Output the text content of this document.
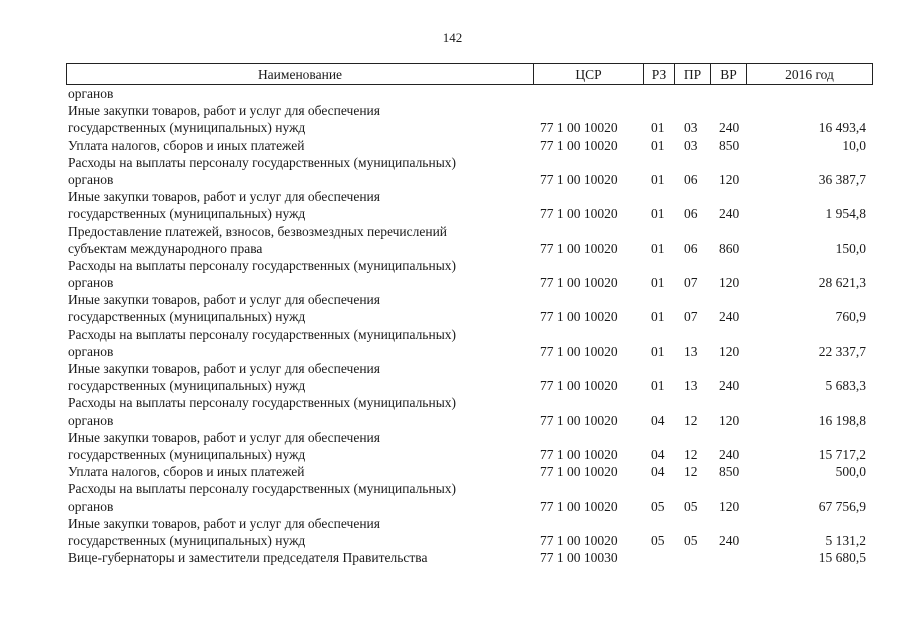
142
Наименование	ЦСР	РЗ	ПР	ВР	2016 год
органов
Иные закупки товаров, работ и услуг для обеспечения
государственных (муниципальных) нужд	77 1 00 10020 01 03 240	16 493,4
Уплата налогов, сборов и иных платежей	77 1 00 10020 01 03 850	10,0
Расходы на выплаты персоналу государственных (муниципальных)
органов	77 1 00 10020 01 06 120	36 387,7
Иные закупки товаров, работ и услуг для обеспечения
государственных (муниципальных) нужд	77 1 00 10020 01 06 240	1 954,8
Предоставление платежей, взносов, безвозмездных перечислений
субъектам международного права	77 1 00 10020 01 06 860	150,0
Расходы на выплаты персоналу государственных (муниципальных)
органов	77 1 00 10020 01 07 120	28 621,3
Иные закупки товаров, работ и услуг для обеспечения
государственных (муниципальных) нужд	77 1 00 10020 01 07 240	760,9
Расходы на выплаты персоналу государственных (муниципальных)
органов	77 1 00 10020 01 13 120	22 337,7
Иные закупки товаров, работ и услуг для обеспечения
государственных (муниципальных) нужд	77 1 00 10020 01 13 240	5 683,3
Расходы на выплаты персоналу государственных (муниципальных)
органов	77 1 00 10020 04 12 120	16 198,8
Иные закупки товаров, работ и услуг для обеспечения
государственных (муниципальных) нужд	77 1 00 10020 04 12 240	15 717,2
Уплата налогов, сборов и иных платежей	77 1 00 10020 04 12 850	500,0
Расходы на выплаты персоналу государственных (муниципальных)
органов	77 1 00 10020 05 05 120	67 756,9
Иные закупки товаров, работ и услуг для обеспечения
государственных (муниципальных) нужд	77 1 00 10020 05 05 240	5 131,2
Вице-губернаторы и заместители председателя Правительства	77 1 00 10030	15 680,5
